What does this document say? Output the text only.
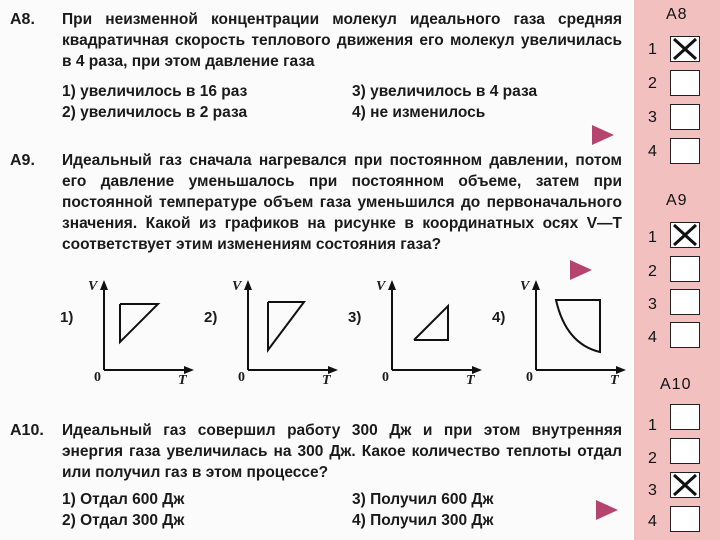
A8. При неизменной концентрации молекул идеального газа средняя квадратичная скорость теплового движения его молекул увеличилась в 4 раза, при этом давление газа
1) увеличилось в 16 раз
2) увеличилось в 2 раза
3) увеличилось в 4 раза
4) не изменилось
A9. Идеальный газ сначала нагревался при постоянном давлении, потом его давление уменьшалось при постоянном объеме, затем при постоянной температуре объем газа уменьшился до первоначального значения. Какой из графиков на рисунке в координатных осях V—T соответствует этим изменениям состояния газа?
1)
V
0	T
2)
V
0	T
3)
V
0	T
4)
V
0	T
A10. Идеальный газ совершил работу 300 Дж и при этом внутренняя энергия газа увеличилась на 300 Дж. Какое количество теплоты отдал или получил газ в этом процессе?
1) Отдал 600 Дж
2) Отдал 300 Дж
3) Получил 600 Дж
4) Получил 300 Дж
А8
1
2
3
4
А9
1
2
3
4
А10
1
2
3
4
